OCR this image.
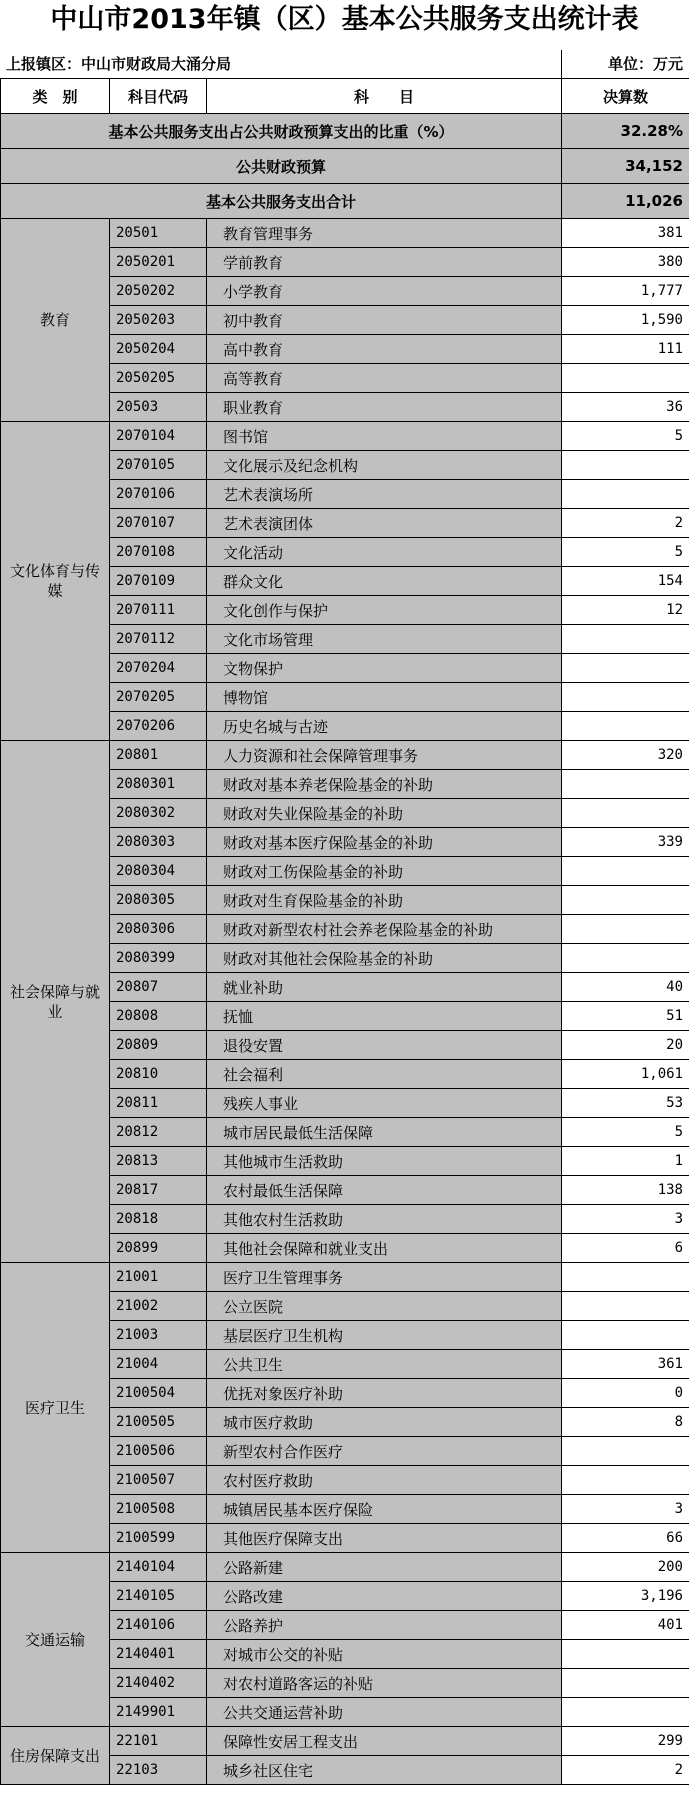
中山市2013年镇（区）基本公共服务支出统计表
上报镇区：中山市财政局大涌分局	单位：万元
类　别	科目代码	科　　目	决算数
基本公共服务支出占公共财政预算支出的比重（%）			32.28%
公共财政预算			34,152
基本公共服务支出合计			11,026
教育	20501	教育管理事务	381
	2050201	学前教育	380
	2050202	小学教育	1,777
	2050203	初中教育	1,590
	2050204	高中教育	111
	2050205	高等教育	
	20503	职业教育	36
文化体育与传媒	2070104	图书馆	5
	2070105	文化展示及纪念机构	
	2070106	艺术表演场所	
	2070107	艺术表演团体	2
	2070108	文化活动	5
	2070109	群众文化	154
	2070111	文化创作与保护	12
	2070112	文化市场管理	
	2070204	文物保护	
	2070205	博物馆	
	2070206	历史名城与古迹	
社会保障与就业	20801	人力资源和社会保障管理事务	320
	2080301	财政对基本养老保险基金的补助	
	2080302	财政对失业保险基金的补助	
	2080303	财政对基本医疗保险基金的补助	339
	2080304	财政对工伤保险基金的补助	
	2080305	财政对生育保险基金的补助	
	2080306	财政对新型农村社会养老保险基金的补助	
	2080399	财政对其他社会保险基金的补助	
	20807	就业补助	40
	20808	抚恤	51
	20809	退役安置	20
	20810	社会福利	1,061
	20811	残疾人事业	53
	20812	城市居民最低生活保障	5
	20813	其他城市生活救助	1
	20817	农村最低生活保障	138
	20818	其他农村生活救助	3
	20899	其他社会保障和就业支出	6
医疗卫生	21001	医疗卫生管理事务	
	21002	公立医院	
	21003	基层医疗卫生机构	
	21004	公共卫生	361
	2100504	优抚对象医疗补助	0
	2100505	城市医疗救助	8
	2100506	新型农村合作医疗	
	2100507	农村医疗救助	
	2100508	城镇居民基本医疗保险	3
	2100599	其他医疗保障支出	66
交通运输	2140104	公路新建	200
	2140105	公路改建	3,196
	2140106	公路养护	401
	2140401	对城市公交的补贴	
	2140402	对农村道路客运的补贴	
	2149901	公共交通运营补助	
住房保障支出	22101	保障性安居工程支出	299
	22103	城乡社区住宅	2
